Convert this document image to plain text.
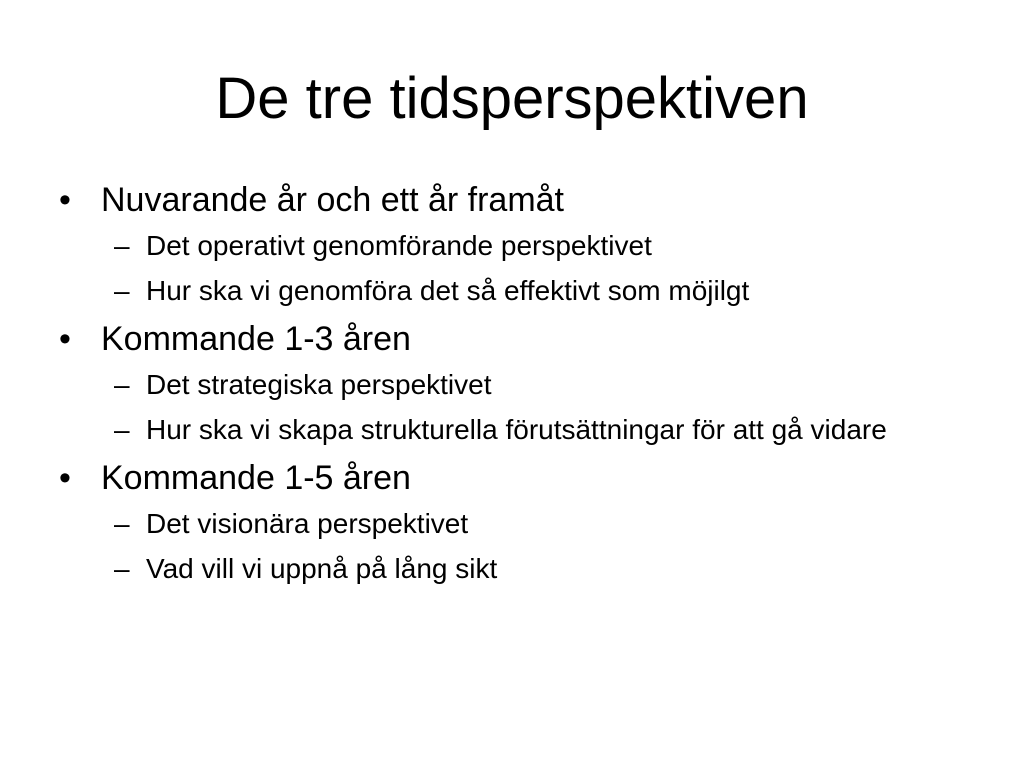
De tre tidsperspektiven
• Nuvarande år och ett år framåt
– Det operativt genomförande perspektivet
– Hur ska vi genomföra det så effektivt som möjilgt
• Kommande 1-3 åren
– Det strategiska perspektivet
– Hur ska vi skapa strukturella förutsättningar för att gå vidare
• Kommande 1-5 åren
– Det visionära perspektivet
– Vad vill vi uppnå på lång sikt
